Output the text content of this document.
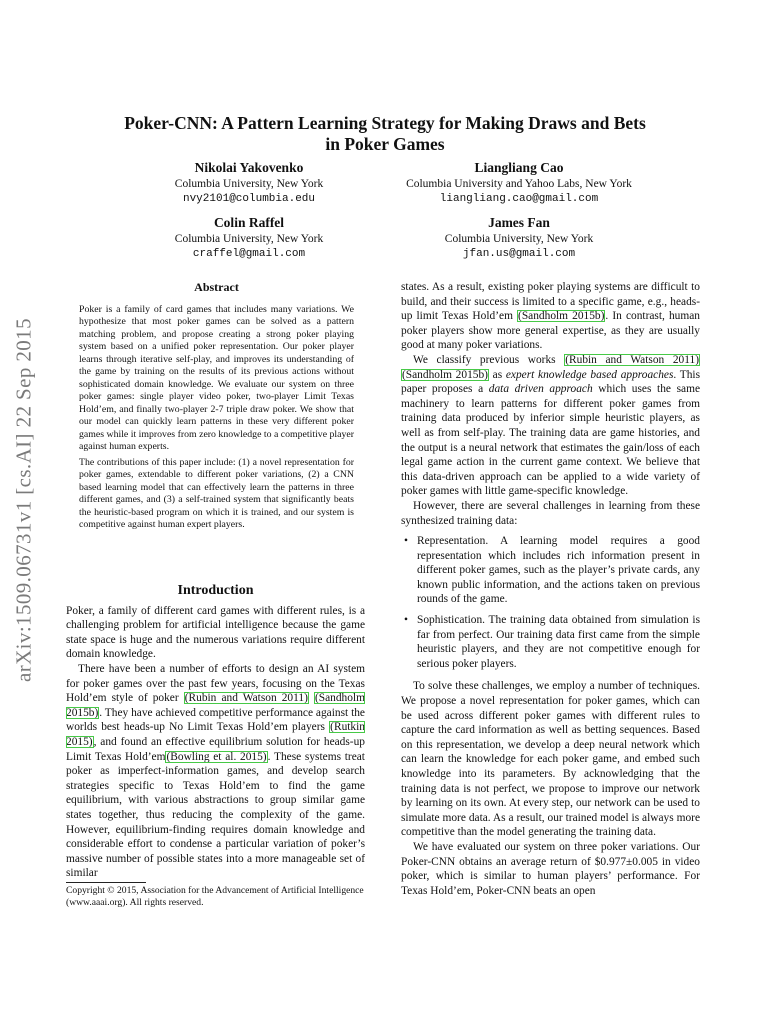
arXiv:1509.06731v1 [cs.AI] 22 Sep 2015
Poker-CNN: A Pattern Learning Strategy for Making Draws and Bets
in Poker Games
Nikolai Yakovenko
Columbia University, New York
nvy2101@columbia.edu
Liangliang Cao
Columbia University and Yahoo Labs, New York
liangliang.cao@gmail.com
Colin Raffel
Columbia University, New York
craffel@gmail.com
James Fan
Columbia University, New York
jfan.us@gmail.com
Abstract

Poker is a family of card games that includes many variations. We hypothesize that most poker games can be solved as a pattern matching problem, and propose creating a strong poker playing system based on a unified poker representation. Our poker player learns through iterative self-play, and improves its understanding of the game by training on the results of its previous actions without sophisticated domain knowledge. We evaluate our system on three poker games: single player video poker, two-player Limit Texas Hold’em, and finally two-player 2-7 triple draw poker. We show that our model can quickly learn patterns in these very different poker games while it improves from zero knowledge to a competitive player against human experts.

The contributions of this paper include: (1) a novel representation for poker games, extendable to different poker variations, (2) a CNN based learning model that can effectively learn the patterns in three different games, and (3) a self-trained system that significantly beats the heuristic-based program on which it is trained, and our system is competitive against human expert players.

Introduction

Poker, a family of different card games with different rules, is a challenging problem for artificial intelligence because the game state space is huge and the numerous variations require different domain knowledge.

There have been a number of efforts to design an AI system for poker games over the past few years, focusing on the Texas Hold’em style of poker (Rubin and Watson 2011) (Sandholm 2015b). They have achieved competitive performance against the worlds best heads-up No Limit Texas Hold’em players (Rutkin 2015), and found an effective equilibrium solution for heads-up Limit Texas Hold’em(Bowling et al. 2015). These systems treat poker as imperfect-information games, and develop search strategies specific to Texas Hold’em to find the game equilibrium, with various abstractions to group similar game states together, thus reducing the complexity of the game. However, equilibrium-finding requires domain knowledge and considerable effort to condense a particular variation of poker’s massive number of possible states into a more manageable set of similar

Copyright © 2015, Association for the Advancement of Artificial Intelligence (www.aaai.org). All rights reserved.

states. As a result, existing poker playing systems are difficult to build, and their success is limited to a specific game, e.g., heads-up limit Texas Hold’em (Sandholm 2015b). In contrast, human poker players show more general expertise, as they are usually good at many poker variations.

We classify previous works (Rubin and Watson 2011) (Sandholm 2015b) as expert knowledge based approaches. This paper proposes a data driven approach which uses the same machinery to learn patterns for different poker games from training data produced by inferior simple heuristic players, as well as from self-play. The training data are game histories, and the output is a neural network that estimates the gain/loss of each legal game action in the current game context. We believe that this data-driven approach can be applied to a wide variety of poker games with little game-specific knowledge.

However, there are several challenges in learning from these synthesized training data:

• Representation. A learning model requires a good representation which includes rich information present in different poker games, such as the player’s private cards, any known public information, and the actions taken on previous rounds of the game.
• Sophistication. The training data obtained from simulation is far from perfect. Our training data first came from the simple heuristic players, and they are not competitive enough for serious poker players.

To solve these challenges, we employ a number of techniques. We propose a novel representation for poker games, which can be used across different poker games with different rules to capture the card information as well as betting sequences. Based on this representation, we develop a deep neural network which can learn the knowledge for each poker game, and embed such knowledge into its parameters. By acknowledging that the training data is not perfect, we propose to improve our network by learning on its own. At every step, our network can be used to simulate more data. As a result, our trained model is always more competitive than the model generating the training data.

We have evaluated our system on three poker variations. Our Poker-CNN obtains an average return of $0.977±0.005 in video poker, which is similar to human players’ performance. For Texas Hold’em, Poker-CNN beats an open
